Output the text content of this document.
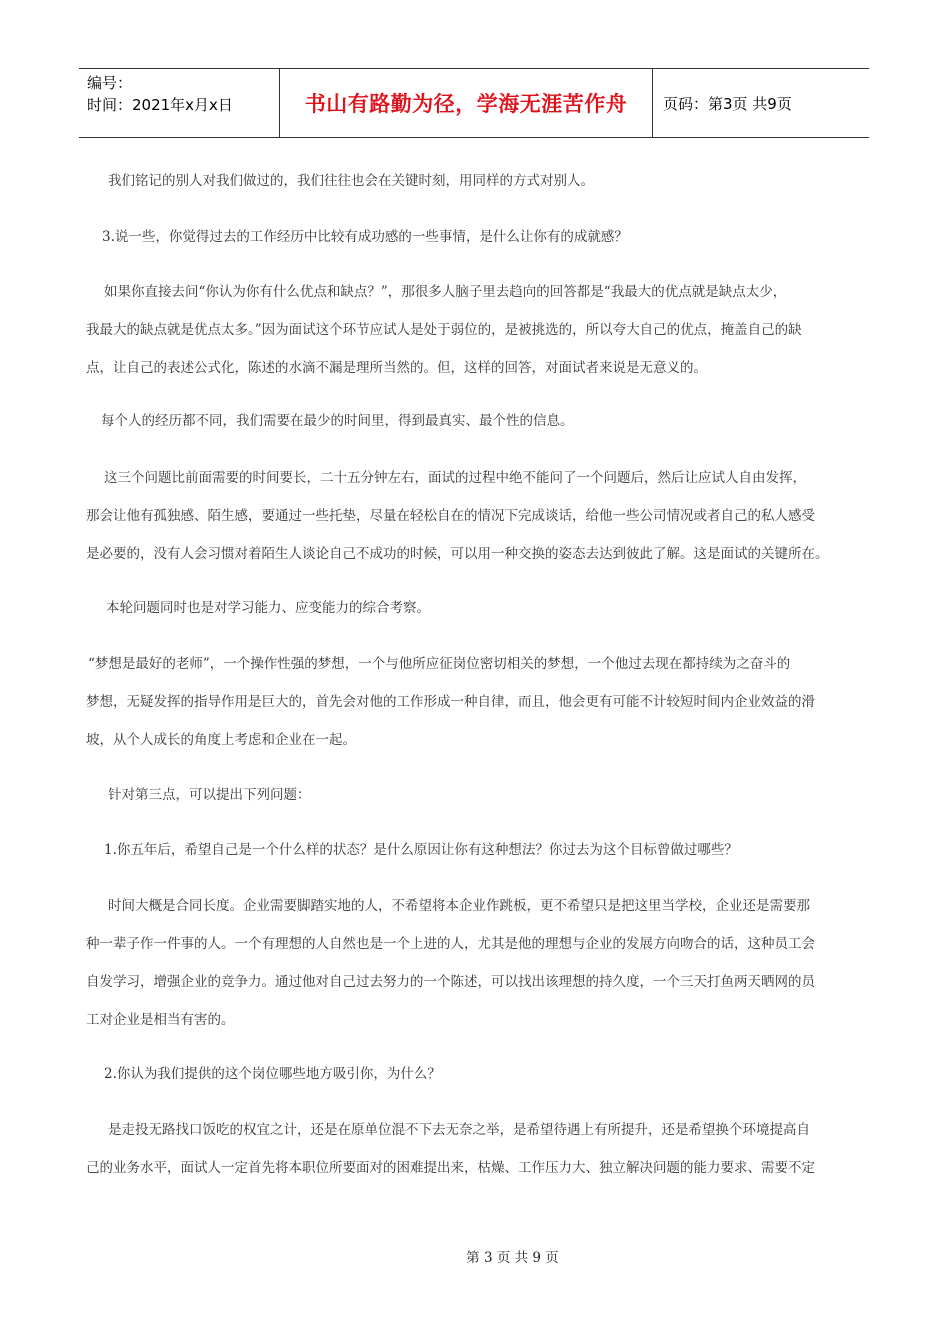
编号：
时间：2021年x月x日	书山有路勤为径，学海无涯苦作舟 页码：第3页 共9页
我们铭记的别人对我们做过的，我们往往也会在关键时刻，用同样的方式对别人。
3.说一些，你觉得过去的工作经历中比较有成功感的一些事情，是什么让你有的成就感？
如果你直接去问“你认为你有什么优点和缺点？”，那很多人脑子里去趋向的回答都是“我最大的优点就是缺点太少，
我最大的缺点就是优点太多。”因为面试这个环节应试人是处于弱位的，是被挑选的，所以夸大自己的优点，掩盖自己的缺
点，让自己的表述公式化，陈述的水滴不漏是理所当然的。但，这样的回答，对面试者来说是无意义的。
每个人的经历都不同，我们需要在最少的时间里，得到最真实、最个性的信息。
这三个问题比前面需要的时间要长，二十五分钟左右，面试的过程中绝不能问了一个问题后，然后让应试人自由发挥，
那会让他有孤独感、陌生感，要通过一些托垫，尽量在轻松自在的情况下完成谈话，给他一些公司情况或者自己的私人感受
是必要的，没有人会习惯对着陌生人谈论自己不成功的时候，可以用一种交换的姿态去达到彼此了解。这是面试的关键所在。
本轮问题同时也是对学习能力、应变能力的综合考察。
“梦想是最好的老师”，一个操作性强的梦想，一个与他所应征岗位密切相关的梦想，一个他过去现在都持续为之奋斗的
梦想，无疑发挥的指导作用是巨大的，首先会对他的工作形成一种自律，而且，他会更有可能不计较短时间内企业效益的滑
坡，从个人成长的角度上考虑和企业在一起。
针对第三点，可以提出下列问题：
1.你五年后，希望自己是一个什么样的状态？是什么原因让你有这种想法？你过去为这个目标曾做过哪些？
时间大概是合同长度。企业需要脚踏实地的人，不希望将本企业作跳板，更不希望只是把这里当学校，企业还是需要那
种一辈子作一件事的人。一个有理想的人自然也是一个上进的人，尤其是他的理想与企业的发展方向吻合的话，这种员工会
自发学习，增强企业的竞争力。通过他对自己过去努力的一个陈述，可以找出该理想的持久度，一个三天打鱼两天晒网的员
工对企业是相当有害的。
2.你认为我们提供的这个岗位哪些地方吸引你，为什么？
是走投无路找口饭吃的权宜之计，还是在原单位混不下去无奈之举，是希望待遇上有所提升，还是希望换个环境提高自
己的业务水平，面试人一定首先将本职位所要面对的困难提出来，枯燥、工作压力大、独立解决问题的能力要求、需要不定
第 3 页 共 9 页
